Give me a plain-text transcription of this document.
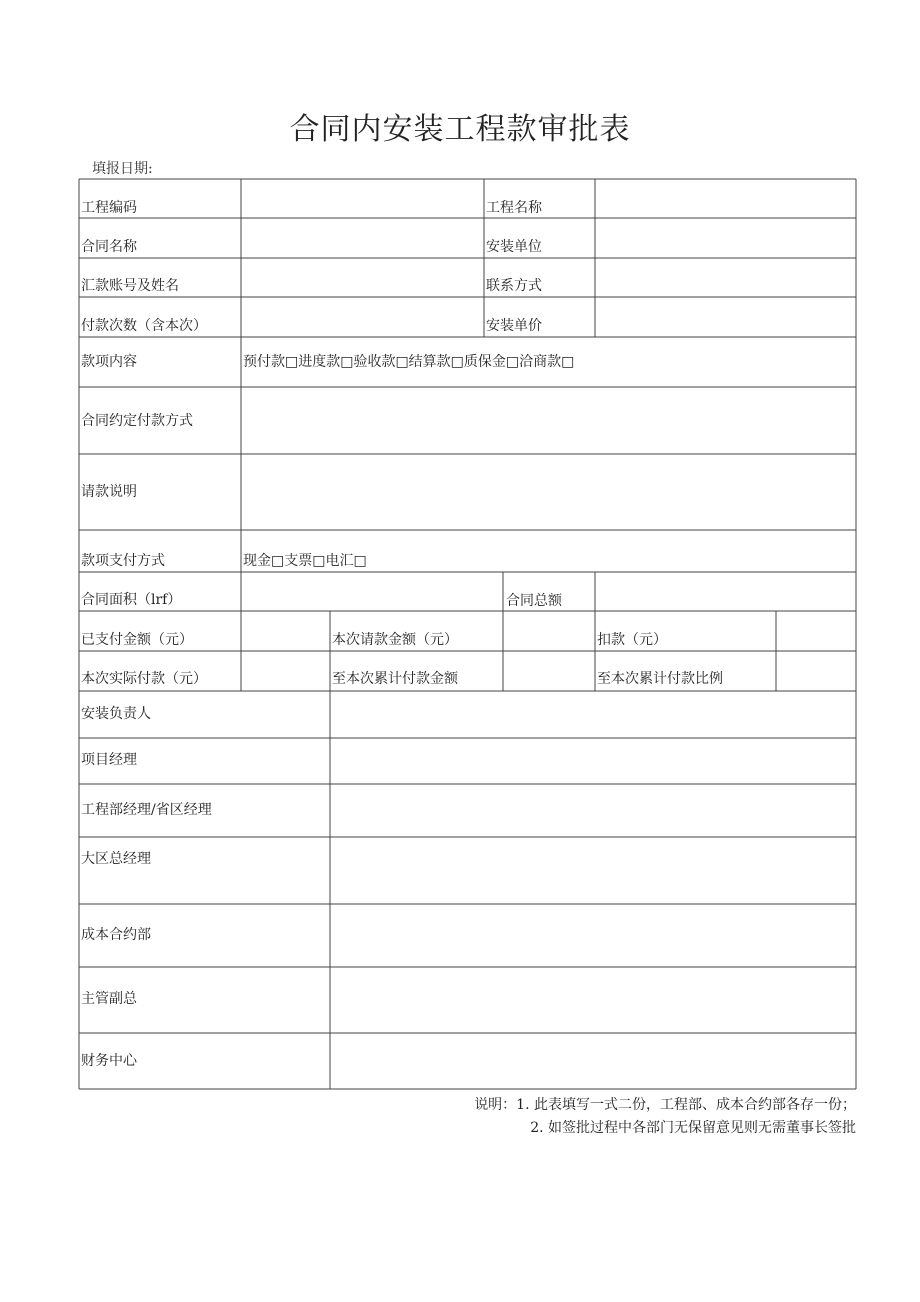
合同内安装工程款审批表
填报日期:
工程编码	工程名称
合同名称	安装单位
汇款账号及姓名	联系方式
付款次数（含本次）	安装单价
款项内容	预付款□进度款□验收款□结算款□质保金□洽商款□
合同约定付款方式
请款说明
款项支付方式	现金□支票□电汇□
合同面积（lrf）	合同总额
已支付金额（元）	本次请款金额（元）	扣款（元）
本次实际付款（元）	至本次累计付款金额	至本次累计付款比例
安装负责人
项目经理
工程部经理/省区经理
大区总经理
成本合约部
主管副总
财务中心
说明：1. 此表填写一式二份，工程部、成本合约部各存一份；
2. 如签批过程中各部门无保留意见则无需董事长签批
